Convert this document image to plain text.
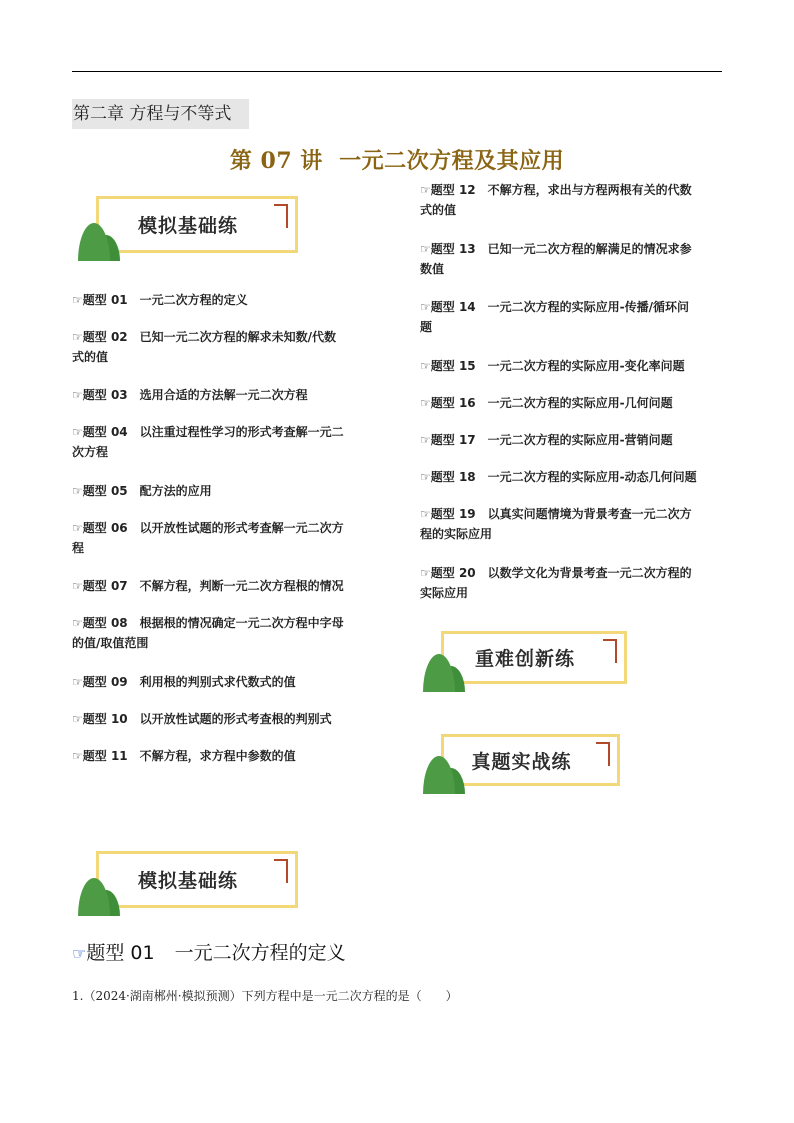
第二章 方程与不等式
第 07 讲 一元二次方程及其应用
模拟基础练
重难创新练
真题实战练
模拟基础练
☞题型 01 一元二次方程的定义
☞题型 02 已知一元二次方程的解求未知数/代数
式的值
☞题型 03 选用合适的方法解一元二次方程
☞题型 04 以注重过程性学习的形式考查解一元二
次方程
☞题型 05 配方法的应用
☞题型 06 以开放性试题的形式考查解一元二次方
程
☞题型 07 不解方程，判断一元二次方程根的情况
☞题型 08 根据根的情况确定一元二次方程中字母
的值/取值范围
☞题型 09 利用根的判别式求代数式的值
☞题型 10 以开放性试题的形式考查根的判别式
☞题型 11 不解方程，求方程中参数的值
☞题型 12 不解方程，求出与方程两根有关的代数
式的值
☞题型 13 已知一元二次方程的解满足的情况求参
数值
☞题型 14 一元二次方程的实际应用-传播/循环问
题
☞题型 15 一元二次方程的实际应用-变化率问题
☞题型 16 一元二次方程的实际应用-几何问题
☞题型 17 一元二次方程的实际应用-营销问题
☞题型 18 一元二次方程的实际应用-动态几何问题
☞题型 19 以真实问题情境为背景考查一元二次方
程的实际应用
☞题型 20 以数学文化为背景考查一元二次方程的
实际应用
☞题型 01 一元二次方程的定义
1.（2024·湖南郴州·模拟预测）下列方程中是一元二次方程的是（　　）
